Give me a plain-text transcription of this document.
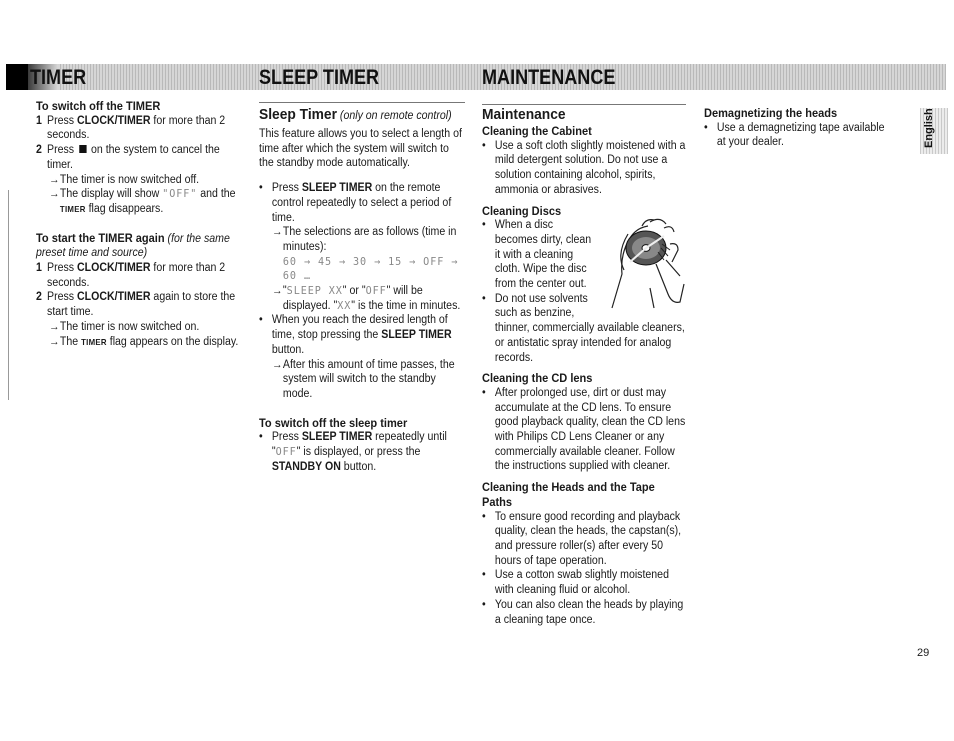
TIMER	SLEEP TIMER	MAINTENANCE

To switch off the TIMER

1 Press CLOCK/TIMER for more than 2 seconds.
2 Press  on the system to cancel the timer.
→ The timer is now switched off.
→ The display will show "OFF" and the
TIMER flag disappears.

To start the TIMER again (for the same preset time and source)

1 Press CLOCK/TIMER for more than 2 seconds.
2 Press CLOCK/TIMER again to store the start time.
→ The timer is now switched on.
→ The TIMER flag appears on the display.

Sleep Timer (only on remote control)

This feature allows you to select a length of time after which the system will switch to the standby mode automatically.

• Press SLEEP TIMER on the remote control repeatedly to select a period of time.

→ The selections are as follows (time in minutes):

60 → 45 → 30 → 15 → OFF →

60 …

→ "SLEEP XX" or "OFF" will be displayed. "XX" is the time in minutes.

• When you reach the desired length of time, stop pressing the SLEEP TIMER button.

→ After this amount of time passes, the system will switch to the standby mode.

To switch off the sleep timer

• Press SLEEP TIMER repeatedly until "OFF" is displayed, or press the STANDBY ON button.

Maintenance

Cleaning the Cabinet

• Use a soft cloth slightly moistened with a mild detergent solution. Do not use a solution containing alcohol, spirits, ammonia or abrasives.

Cleaning Discs

• When a disc becomes dirty, clean it with a cleaning cloth. Wipe the disc from the center out.

• Do not use solvents such as benzine,

thinner, commercially available cleaners, or antistatic spray intended for analog records.

Cleaning the CD lens

• After prolonged use, dirt or dust may accumulate at the CD lens. To ensure good playback quality, clean the CD lens with Philips CD Lens Cleaner or any commercially available cleaner. Follow the instructions supplied with cleaner.

Cleaning the Heads and the Tape Paths

• To ensure good recording and playback quality, clean the heads, the capstan(s), and pressure roller(s) after every 50 hours of tape operation.

• Use a cotton swab slightly moistened with cleaning fluid or alcohol.

• You can also clean the heads by playing a cleaning tape once.

Demagnetizing the heads

• Use a demagnetizing tape available at your dealer.	English
29
